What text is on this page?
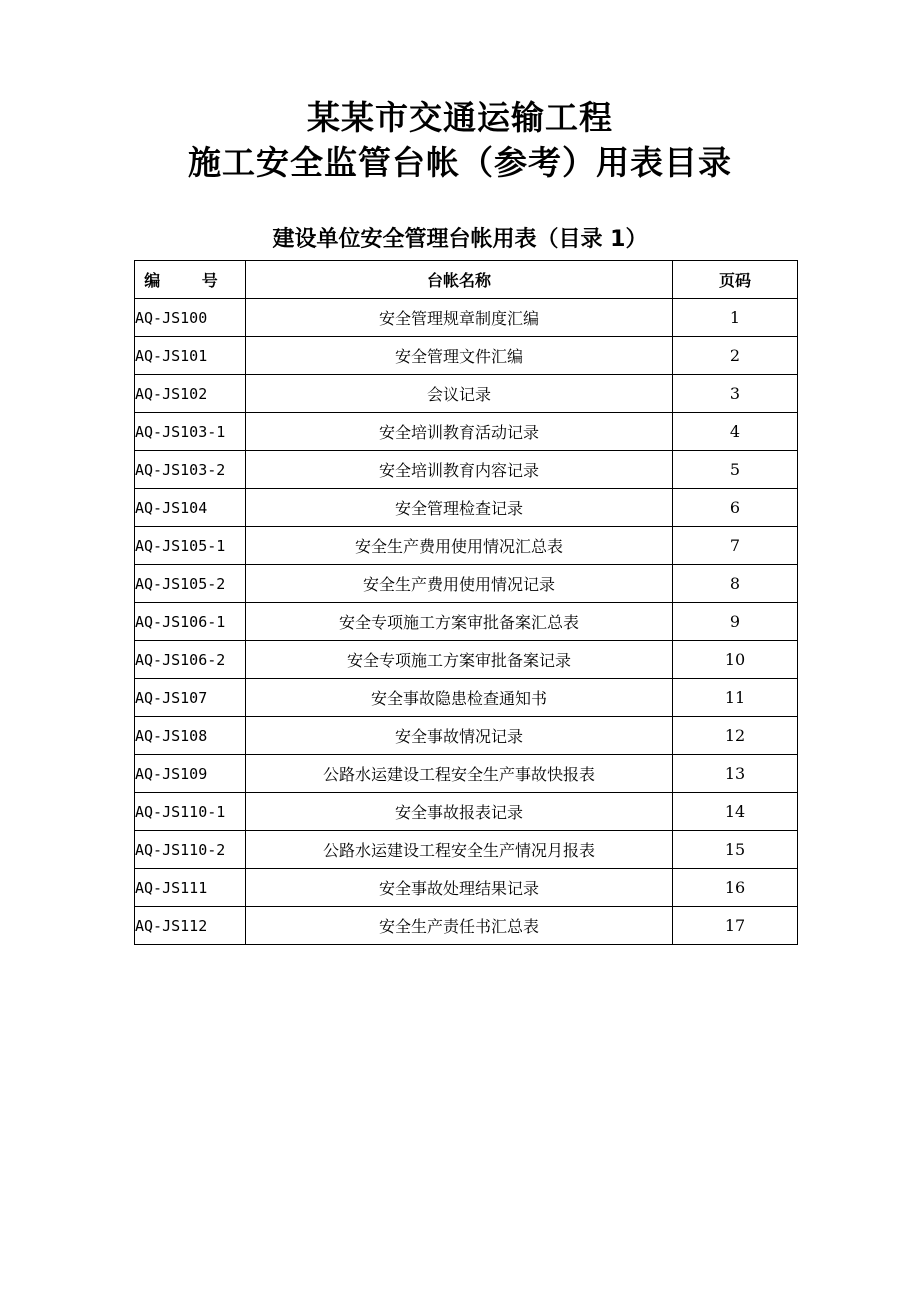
某某市交通运输工程
施工安全监管台帐（参考）用表目录
建设单位安全管理台帐用表（目录 1）
编 号	台帐名称	页码
AQ-JS100	安全管理规章制度汇编	1
AQ-JS101	安全管理文件汇编	2
AQ-JS102	会议记录	3
AQ-JS103-1	安全培训教育活动记录	4
AQ-JS103-2	安全培训教育内容记录	5
AQ-JS104	安全管理检查记录	6
AQ-JS105-1	安全生产费用使用情况汇总表	7
AQ-JS105-2	安全生产费用使用情况记录	8
AQ-JS106-1	安全专项施工方案审批备案汇总表	9
AQ-JS106-2	安全专项施工方案审批备案记录	10
AQ-JS107	安全事故隐患检查通知书	11
AQ-JS108	安全事故情况记录	12
AQ-JS109	公路水运建设工程安全生产事故快报表	13
AQ-JS110-1	安全事故报表记录	14
AQ-JS110-2	公路水运建设工程安全生产情况月报表	15
AQ-JS111	安全事故处理结果记录	16
AQ-JS112	安全生产责任书汇总表	17
